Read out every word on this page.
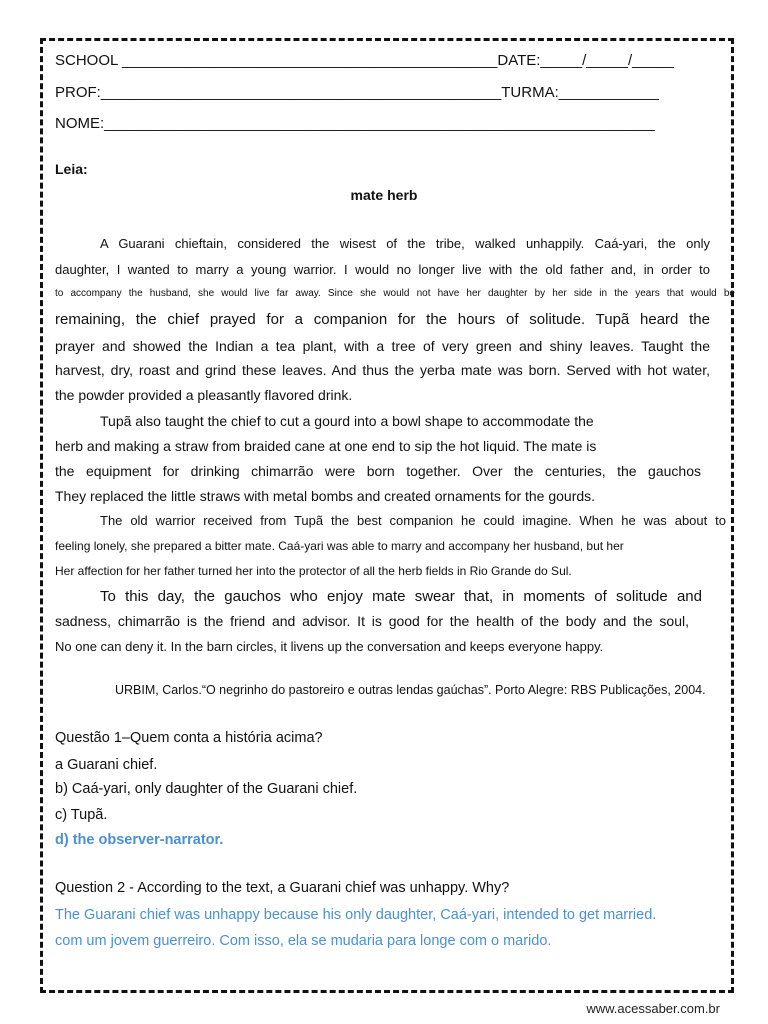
SCHOOL _____________________________________________DATE:_____/_____/_____
PROF:________________________________________________TURMA:____________
NOME:__________________________________________________________________
Leia:
mate herb
A Guarani chieftain, considered the wisest of the tribe, walked unhappily. Caá-yari, the only
daughter, I wanted to marry a young warrior. I would no longer live with the old father and, in order to
to accompany the husband, she would live far away. Since she would not have her daughter by her side in the years that would be
remaining, the chief prayed for a companion for the hours of solitude. Tupã heard the
prayer and showed the Indian a tea plant, with a tree of very green and shiny leaves. Taught the
harvest, dry, roast and grind these leaves. And thus the yerba mate was born. Served with hot water,
the powder provided a pleasantly flavored drink.
Tupã also taught the chief to cut a gourd into a bowl shape to accommodate the
herb and making a straw from braided cane at one end to sip the hot liquid. The mate is
the equipment for drinking chimarrão were born together. Over the centuries, the gauchos
They replaced the little straws with metal bombs and created ornaments for the gourds.
The old warrior received from Tupã the best companion he could imagine. When he was about to
feeling lonely, she prepared a bitter mate. Caá-yari was able to marry and accompany her husband, but her
Her affection for her father turned her into the protector of all the herb fields in Rio Grande do Sul.
To this day, the gauchos who enjoy mate swear that, in moments of solitude and
sadness, chimarrão is the friend and advisor. It is good for the health of the body and the soul,
No one can deny it. In the barn circles, it livens up the conversation and keeps everyone happy.
URBIM, Carlos.“O negrinho do pastoreiro e outras lendas gaúchas”. Porto Alegre: RBS Publicações, 2004.
Questão 1–Quem conta a história acima?
a Guarani chief.
b) Caá-yari, only daughter of the Guarani chief.
c) Tupã.
d) the observer-narrator.
Question 2 - According to the text, a Guarani chief was unhappy. Why?
The Guarani chief was unhappy because his only daughter, Caá-yari, intended to get married.
com um jovem guerreiro. Com isso, ela se mudaria para longe com o marido.
www.acessaber.com.br
